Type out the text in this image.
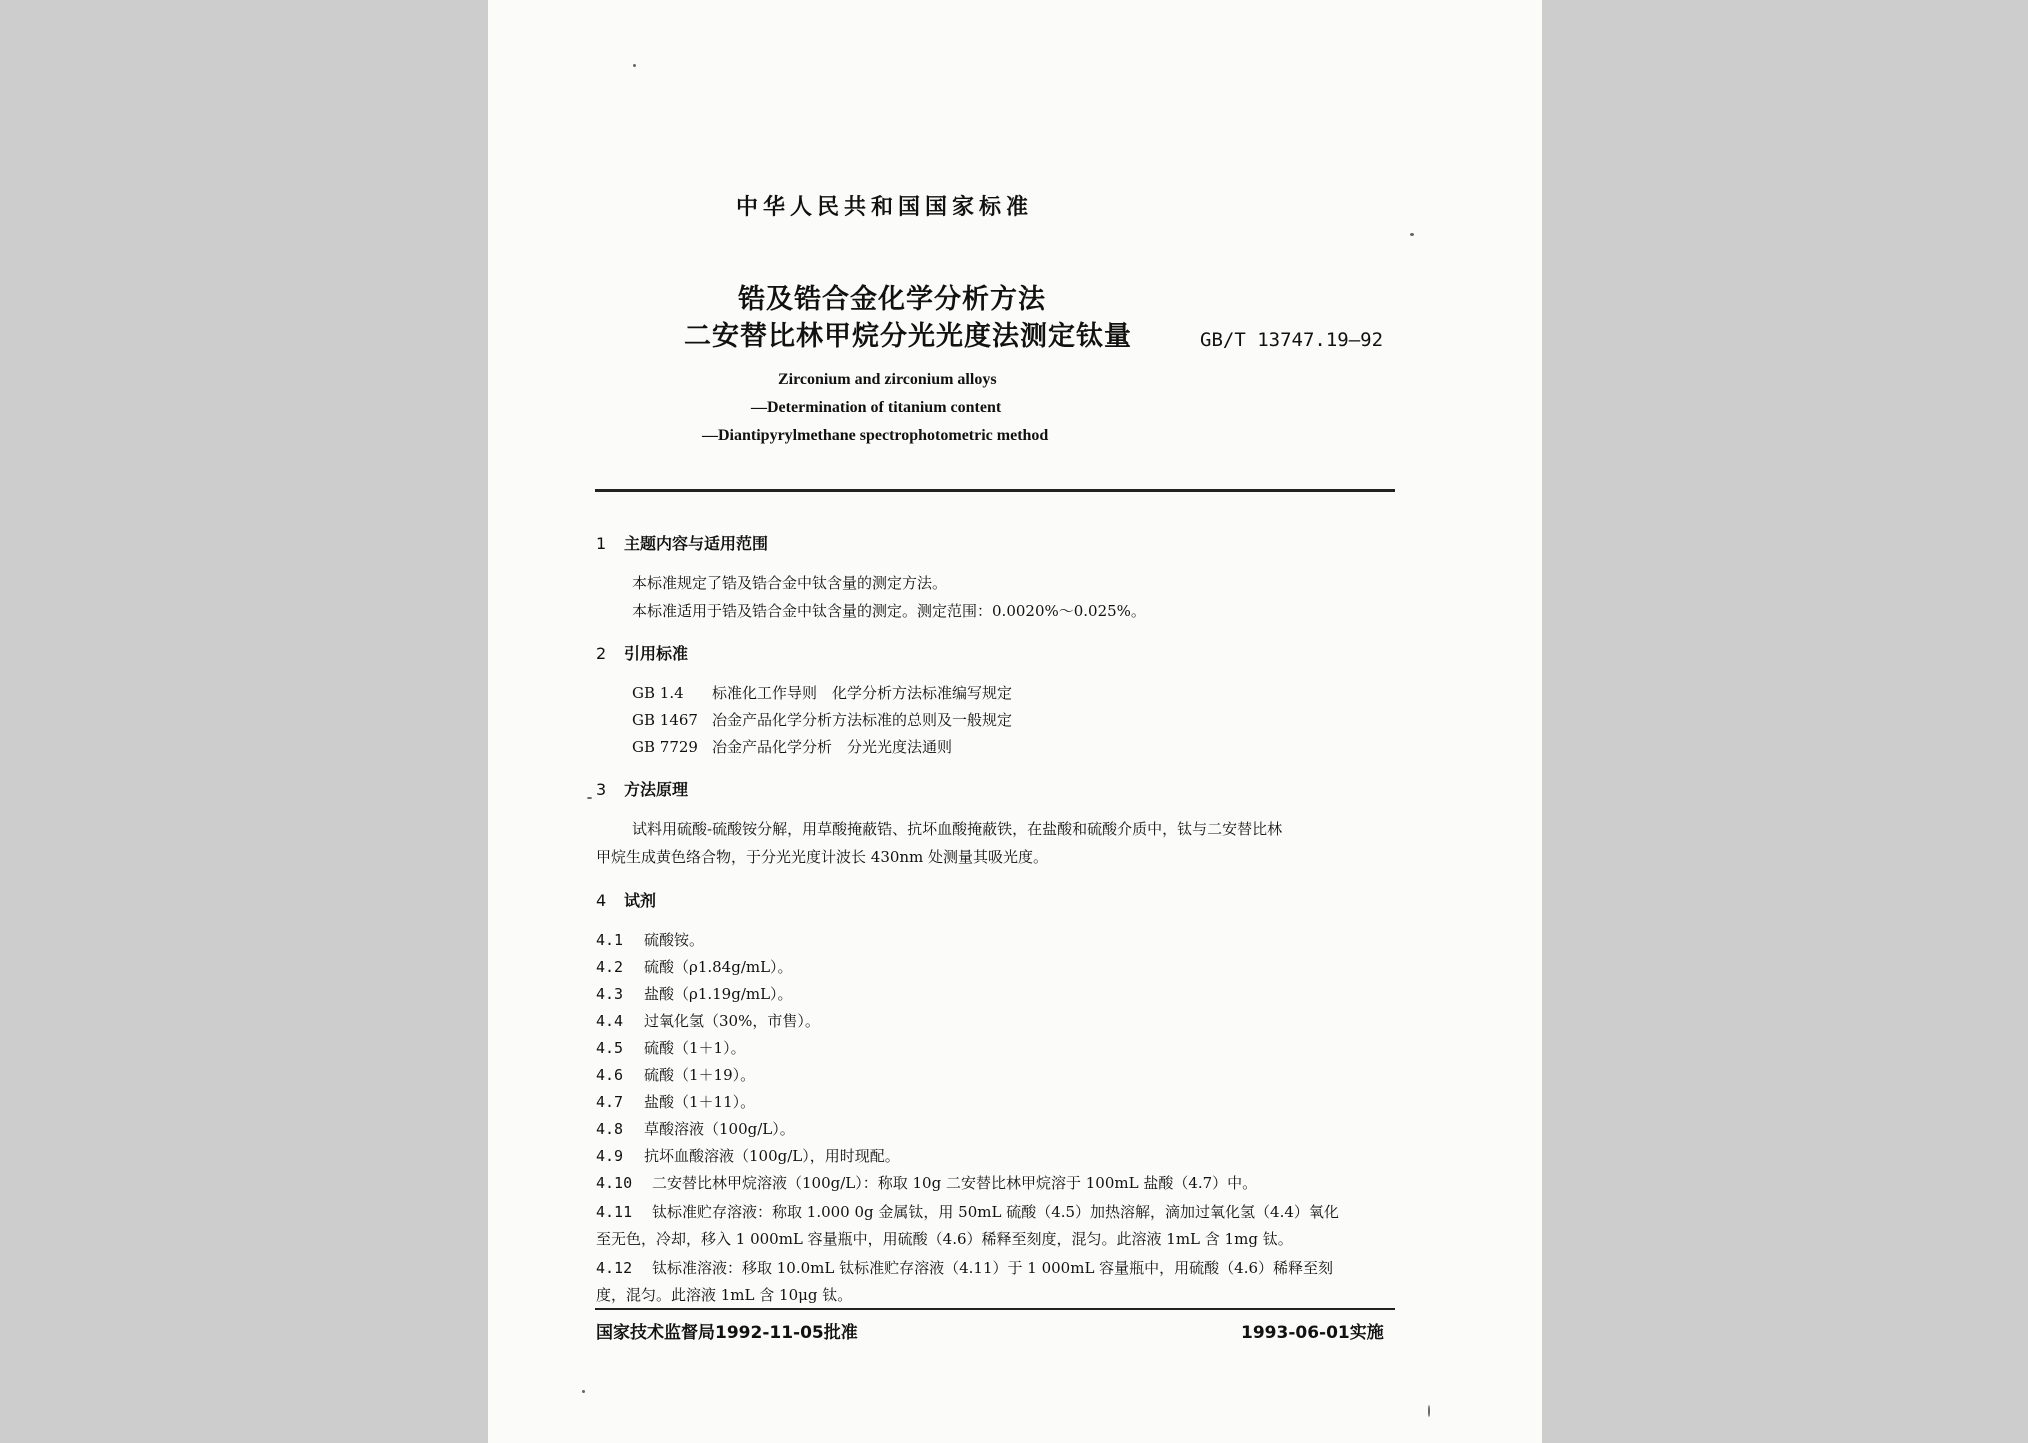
中华人民共和国国家标准
锆及锆合金化学分析方法
二安替比林甲烷分光光度法测定钛量	GB/T 13747.19—92
Zirconium and zirconium alloys
—Determination of titanium content
—Diantipyrylmethane spectrophotometric method
1 主题内容与适用范围
本标准规定了锆及锆合金中钛含量的测定方法。
本标准适用于锆及锆合金中钛含量的测定。测定范围：0.0020%～0.025%。
2 引用标准
GB 1.4 标准化工作导则　化学分析方法标准编写规定
GB 1467 冶金产品化学分析方法标准的总则及一般规定
GB 7729 冶金产品化学分析　分光光度法通则
3 方法原理
试料用硫酸-硫酸铵分解，用草酸掩蔽锆、抗坏血酸掩蔽铁，在盐酸和硫酸介质中，钛与二安替比林
甲烷生成黄色络合物，于分光光度计波长 430nm 处测量其吸光度。
4 试剂
4.1 硫酸铵。
4.2 硫酸（ρ1.84g/mL）。
4.3 盐酸（ρ1.19g/mL）。
4.4 过氧化氢（30%，市售）。
4.5 硫酸（1＋1）。
4.6 硫酸（1＋19）。
4.7 盐酸（1＋11）。
4.8 草酸溶液（100g/L）。
4.9 抗坏血酸溶液（100g/L），用时现配。
4.10 二安替比林甲烷溶液（100g/L）：称取 10g 二安替比林甲烷溶于 100mL 盐酸（4.7）中。
4.11 钛标准贮存溶液：称取 1.000 0g 金属钛，用 50mL 硫酸（4.5）加热溶解，滴加过氧化氢（4.4）氧化
至无色，冷却，移入 1 000mL 容量瓶中，用硫酸（4.6）稀释至刻度，混匀。此溶液 1mL 含 1mg 钛。
4.12 钛标准溶液：移取 10.0mL 钛标准贮存溶液（4.11）于 1 000mL 容量瓶中，用硫酸（4.6）稀释至刻
度，混匀。此溶液 1mL 含 10μg 钛。
国家技术监督局1992-11-05批准	1993-06-01实施
